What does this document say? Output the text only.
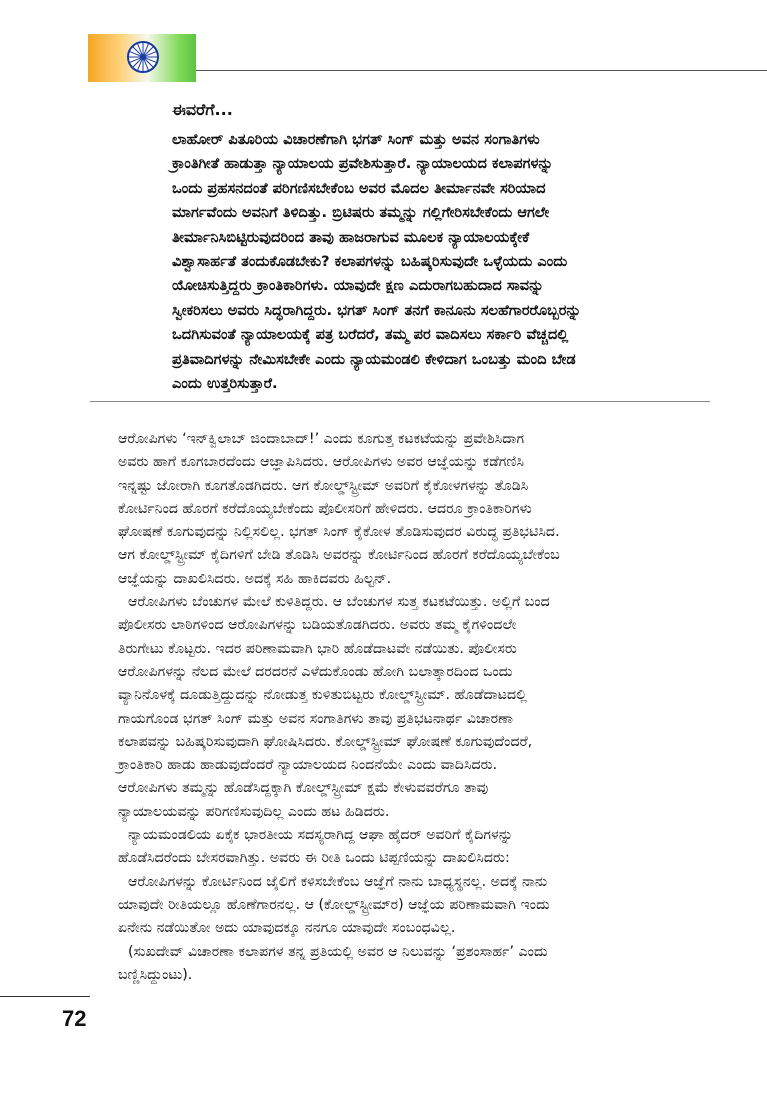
ಈವರೆಗೆ...
ಲಾಹೋರ್ ಪಿತೂರಿಯ ವಿಚಾರಣೆಗಾಗಿ ಭಗತ್ ಸಿಂಗ್ ಮತ್ತು ಅವನ ಸಂಗಾತಿಗಳು
ಕ್ರಾಂತಿಗೀತೆ ಹಾಡುತ್ತಾ ನ್ಯಾಯಾಲಯ ಪ್ರವೇಶಿಸುತ್ತಾರೆ. ನ್ಯಾಯಾಲಯದ ಕಲಾಪಗಳನ್ನು
ಒಂದು ಪ್ರಹಸನದಂತೆ ಪರಿಗಣಿಸಬೇಕೆಂಬ ಅವರ ಮೊದಲ ತೀರ್ಮಾನವೇ ಸರಿಯಾದ
ಮಾರ್ಗವೆಂದು ಅವನಿಗೆ ತಿಳಿದಿತ್ತು. ಬ್ರಿಟಿಷರು ತಮ್ಮನ್ನು ಗಲ್ಲಿಗೇರಿಸಬೇಕೆಂದು ಆಗಲೇ
ತೀರ್ಮಾನಿಸಿಬಿಟ್ಟಿರುವುದರಿಂದ ತಾವು ಹಾಜರಾಗುವ ಮೂಲಕ ನ್ಯಾಯಾಲಯಕ್ಕೇಕೆ
ವಿಶ್ವಾಸಾರ್ಹತೆ ತಂದುಕೊಡಬೇಕು? ಕಲಾಪಗಳನ್ನು ಬಹಿಷ್ಕರಿಸುವುದೇ ಒಳ್ಳೆಯದು ಎಂದು
ಯೋಚಿಸುತ್ತಿದ್ದರು ಕ್ರಾಂತಿಕಾರಿಗಳು. ಯಾವುದೇ ಕ್ಷಣ ಎದುರಾಗಬಹುದಾದ ಸಾವನ್ನು
ಸ್ವೀಕರಿಸಲು ಅವರು ಸಿದ್ಧರಾಗಿದ್ದರು. ಭಗತ್ ಸಿಂಗ್ ತನಗೆ ಕಾನೂನು ಸಲಹೆಗಾರರೊಬ್ಬರನ್ನು
ಒದಗಿಸುವಂತೆ ನ್ಯಾಯಾಲಯಕ್ಕೆ ಪತ್ರ ಬರೆದರೆ, ತಮ್ಮ ಪರ ವಾದಿಸಲು ಸರ್ಕಾರಿ ವೆಚ್ಚದಲ್ಲಿ
ಪ್ರತಿವಾದಿಗಳನ್ನು ನೇಮಿಸಬೇಕೇ ಎಂದು ನ್ಯಾಯಮಂಡಲಿ ಕೇಳಿದಾಗ ಒಂಬತ್ತು ಮಂದಿ ಬೇಡ
ಎಂದು ಉತ್ತರಿಸುತ್ತಾರೆ.
ಆರೋಪಿಗಳು ‘ಇನ್‌ಕ್ವಿಲಾಬ್ ಜಿಂದಾಬಾದ್!’ ಎಂದು ಕೂಗುತ್ತ ಕಟಕಟೆಯನ್ನು ಪ್ರವೇಶಿಸಿದಾಗ
ಅವರು ಹಾಗೆ ಕೂಗಬಾರದೆಂದು ಆಜ್ಞಾಪಿಸಿದರು. ಆರೋಪಿಗಳು ಅವರ ಆಜ್ಞೆಯನ್ನು ಕಡೆಗಣಿಸಿ
ಇನ್ನಷ್ಟು ಜೋರಾಗಿ ಕೂಗತೊಡಗಿದರು. ಆಗ ಕೋಲ್ಡ್‌ಸ್ಟ್ರೀಮ್ ಅವರಿಗೆ ಕೈಕೋಳಗಳನ್ನು ತೊಡಿಸಿ
ಕೋರ್ಟಿನಿಂದ ಹೊರಗೆ ಕರೆದೊಯ್ಯಬೇಕೆಂದು ಪೊಲೀಸರಿಗೆ ಹೇಳಿದರು. ಆದರೂ ಕ್ರಾಂತಿಕಾರಿಗಳು
ಘೋಷಣೆ ಕೂಗುವುದನ್ನು ನಿಲ್ಲಿಸಲಿಲ್ಲ. ಭಗತ್ ಸಿಂಗ್ ಕೈಕೋಳ ತೊಡಿಸುವುದರ ವಿರುದ್ಧ ಪ್ರತಿಭಟಿಸಿದ.
ಆಗ ಕೋಲ್ಡ್‌ಸ್ಟ್ರೀಮ್ ಕೈದಿಗಳಿಗೆ ಬೇಡಿ ತೊಡಿಸಿ ಅವರನ್ನು ಕೋರ್ಟಿನಿಂದ ಹೊರಗೆ ಕರೆದೊಯ್ಯಬೇಕೆಂಬ
ಆಜ್ಞೆಯನ್ನು ದಾಖಲಿಸಿದರು. ಅದಕ್ಕೆ ಸಹಿ ಹಾಕಿದವರು ಹಿಲ್ಟನ್.
ಆರೋಪಿಗಳು ಬೆಂಚುಗಳ ಮೇಲೆ ಕುಳಿತಿದ್ದರು. ಆ ಬೆಂಚುಗಳ ಸುತ್ತ ಕಟಕಟೆಯಿತ್ತು. ಅಲ್ಲಿಗೆ ಬಂದ
ಪೊಲೀಸರು ಲಾಠಿಗಳಿಂದ ಆರೋಪಿಗಳನ್ನು ಬಡಿಯತೊಡಗಿದರು. ಅವರು ತಮ್ಮ ಕೈಗಳಿಂದಲೇ
ತಿರುಗೇಟು ಕೊಟ್ಟರು. ಇದರ ಪರಿಣಾಮವಾಗಿ ಭಾರಿ ಹೊಡೆದಾಟವೇ ನಡೆಯಿತು. ಪೊಲೀಸರು
ಆರೋಪಿಗಳನ್ನು ನೆಲದ ಮೇಲೆ ದರದರನೆ ಎಳೆದುಕೊಂಡು ಹೋಗಿ ಬಲಾತ್ಕಾರದಿಂದ ಒಂದು
ವ್ಯಾನಿನೊಳಕ್ಕೆ ದೂಡುತ್ತಿದ್ದುದನ್ನು ನೋಡುತ್ತ ಕುಳಿತುಬಿಟ್ಟರು ಕೋಲ್ಡ್‌ಸ್ಟ್ರೀಮ್. ಹೊಡೆದಾಟದಲ್ಲಿ
ಗಾಯಗೊಂಡ ಭಗತ್ ಸಿಂಗ್ ಮತ್ತು ಅವನ ಸಂಗಾತಿಗಳು ತಾವು ಪ್ರತಿಭಟನಾರ್ಥ ವಿಚಾರಣಾ
ಕಲಾಪವನ್ನು ಬಹಿಷ್ಕರಿಸುವುದಾಗಿ ಘೋಷಿಸಿದರು. ಕೋಲ್ಡ್‌ಸ್ಟ್ರೀಮ್ ಘೋಷಣೆ ಕೂಗುವುದೆಂದರೆ,
ಕ್ರಾಂತಿಕಾರಿ ಹಾಡು ಹಾಡುವುದೆಂದರೆ ನ್ಯಾಯಾಲಯದ ನಿಂದನೆಯೇ ಎಂದು ವಾದಿಸಿದರು.
ಆರೋಪಿಗಳು ತಮ್ಮನ್ನು ಹೊಡೆಸಿದ್ದಕ್ಕಾಗಿ ಕೋಲ್ಡ್‌ಸ್ಟ್ರೀಮ್ ಕ್ಷಮೆ ಕೇಳುವವರೆಗೂ ತಾವು
ನ್ಯಾಯಾಲಯವನ್ನು ಪರಿಗಣಿಸುವುದಿಲ್ಲ ಎಂದು ಹಟ ಹಿಡಿದರು.
ನ್ಯಾಯಮಂಡಲಿಯ ಏಕೈಕ ಭಾರತೀಯ ಸದಸ್ಯರಾಗಿದ್ದ ಆಘಾ ಹೈದರ್ ಅವರಿಗೆ ಕೈದಿಗಳನ್ನು
ಹೊಡೆಸಿದರೆಂದು ಬೇಸರವಾಗಿತ್ತು. ಅವರು ಈ ರೀತಿ ಒಂದು ಟಿಪ್ಪಣಿಯನ್ನು ದಾಖಲಿಸಿದರು:
ಆರೋಪಿಗಳನ್ನು ಕೋರ್ಟಿನಿಂದ ಜೈಲಿಗೆ ಕಳಿಸಬೇಕೆಂಬ ಆಜ್ಞೆಗೆ ನಾನು ಬಾಧ್ಯಸ್ಥನಲ್ಲ. ಅದಕ್ಕೆ ನಾನು
ಯಾವುದೇ ರೀತಿಯಲ್ಲೂ ಹೊಣೆಗಾರನಲ್ಲ. ಆ (ಕೋಲ್ಡ್‌ಸ್ಟ್ರೀಮ್‌ರ) ಆಜ್ಞೆಯ ಪರಿಣಾಮವಾಗಿ ಇಂದು
ಏನೇನು ನಡೆಯಿತೋ ಅದು ಯಾವುದಕ್ಕೂ ನನಗೂ ಯಾವುದೇ ಸಂಬಂಧವಿಲ್ಲ.
(ಸುಖದೇವ್ ವಿಚಾರಣಾ ಕಲಾಪಗಳ ತನ್ನ ಪ್ರತಿಯಲ್ಲಿ ಅವರ ಆ ನಿಲುವನ್ನು ‘ಪ್ರಶಂಸಾರ್ಹ’ ಎಂದು
ಬಣ್ಣಿಸಿದ್ದುಂಟು).
72
